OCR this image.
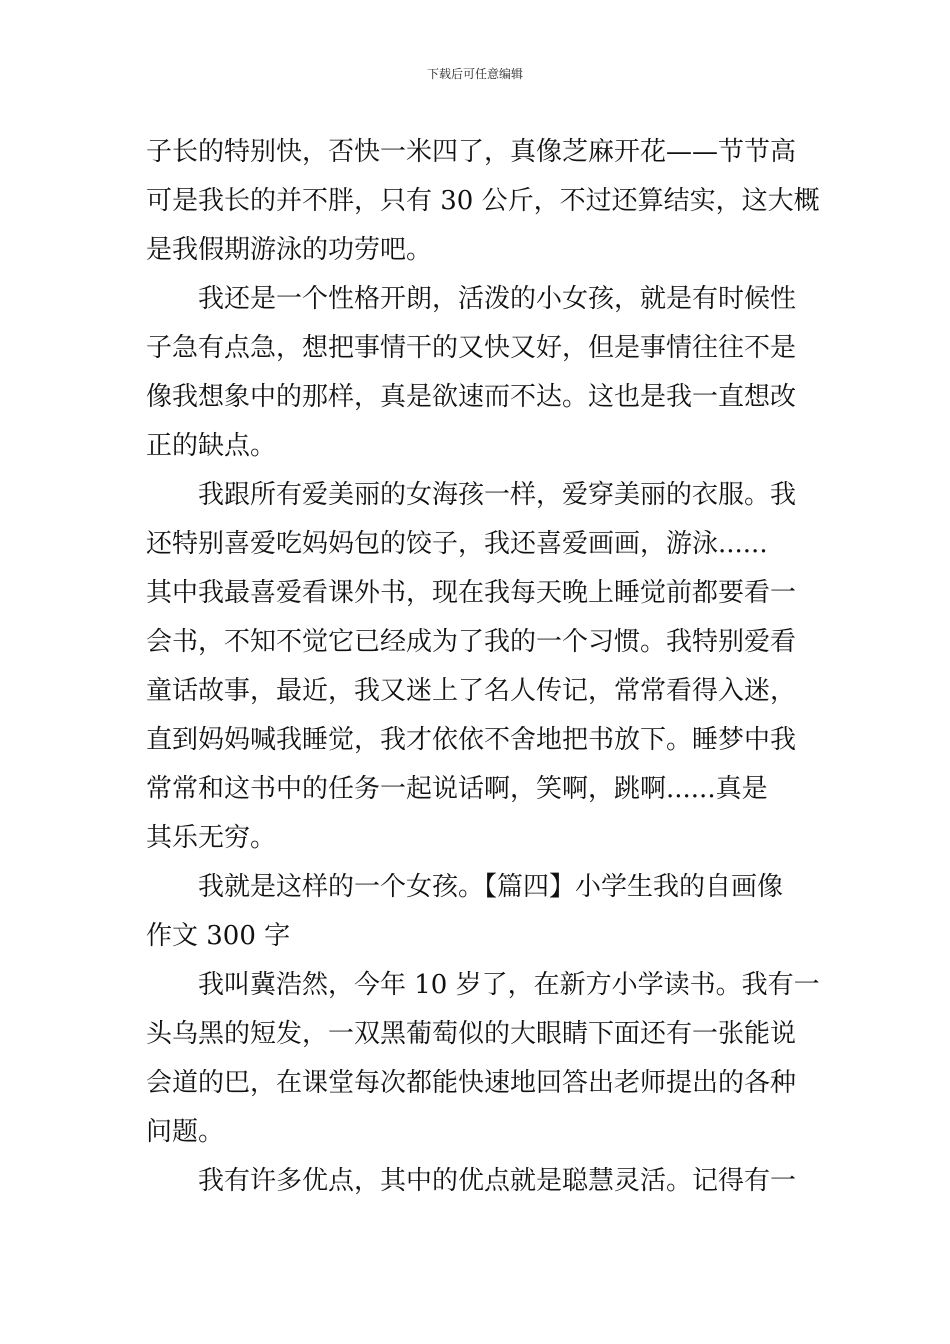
下载后可任意编辑
子长的特别快，否快一米四了，真像芝麻开花——节节高
可是我长的并不胖，只有 30 公斤，不过还算结实，这大概
是我假期游泳的功劳吧。
我还是一个性格开朗，活泼的小女孩，就是有时候性
子急有点急，想把事情干的又快又好，但是事情往往不是
像我想象中的那样，真是欲速而不达。这也是我一直想改
正的缺点。
我跟所有爱美丽的女海孩一样，爱穿美丽的衣服。我
还特别喜爱吃妈妈包的饺子，我还喜爱画画，游泳......
其中我最喜爱看课外书，现在我每天晚上睡觉前都要看一
会书，不知不觉它已经成为了我的一个习惯。我特别爱看
童话故事，最近，我又迷上了名人传记，常常看得入迷，
直到妈妈喊我睡觉，我才依依不舍地把书放下。睡梦中我
常常和这书中的任务一起说话啊，笑啊，跳啊......真是
其乐无穷。
我就是这样的一个女孩。【篇四】小学生我的自画像
作文 300 字
我叫冀浩然，今年 10 岁了，在新方小学读书。我有一
头乌黑的短发，一双黑葡萄似的大眼睛下面还有一张能说
会道的巴，在课堂每次都能快速地回答出老师提出的各种
问题。
我有许多优点，其中的优点就是聪慧灵活。记得有一
